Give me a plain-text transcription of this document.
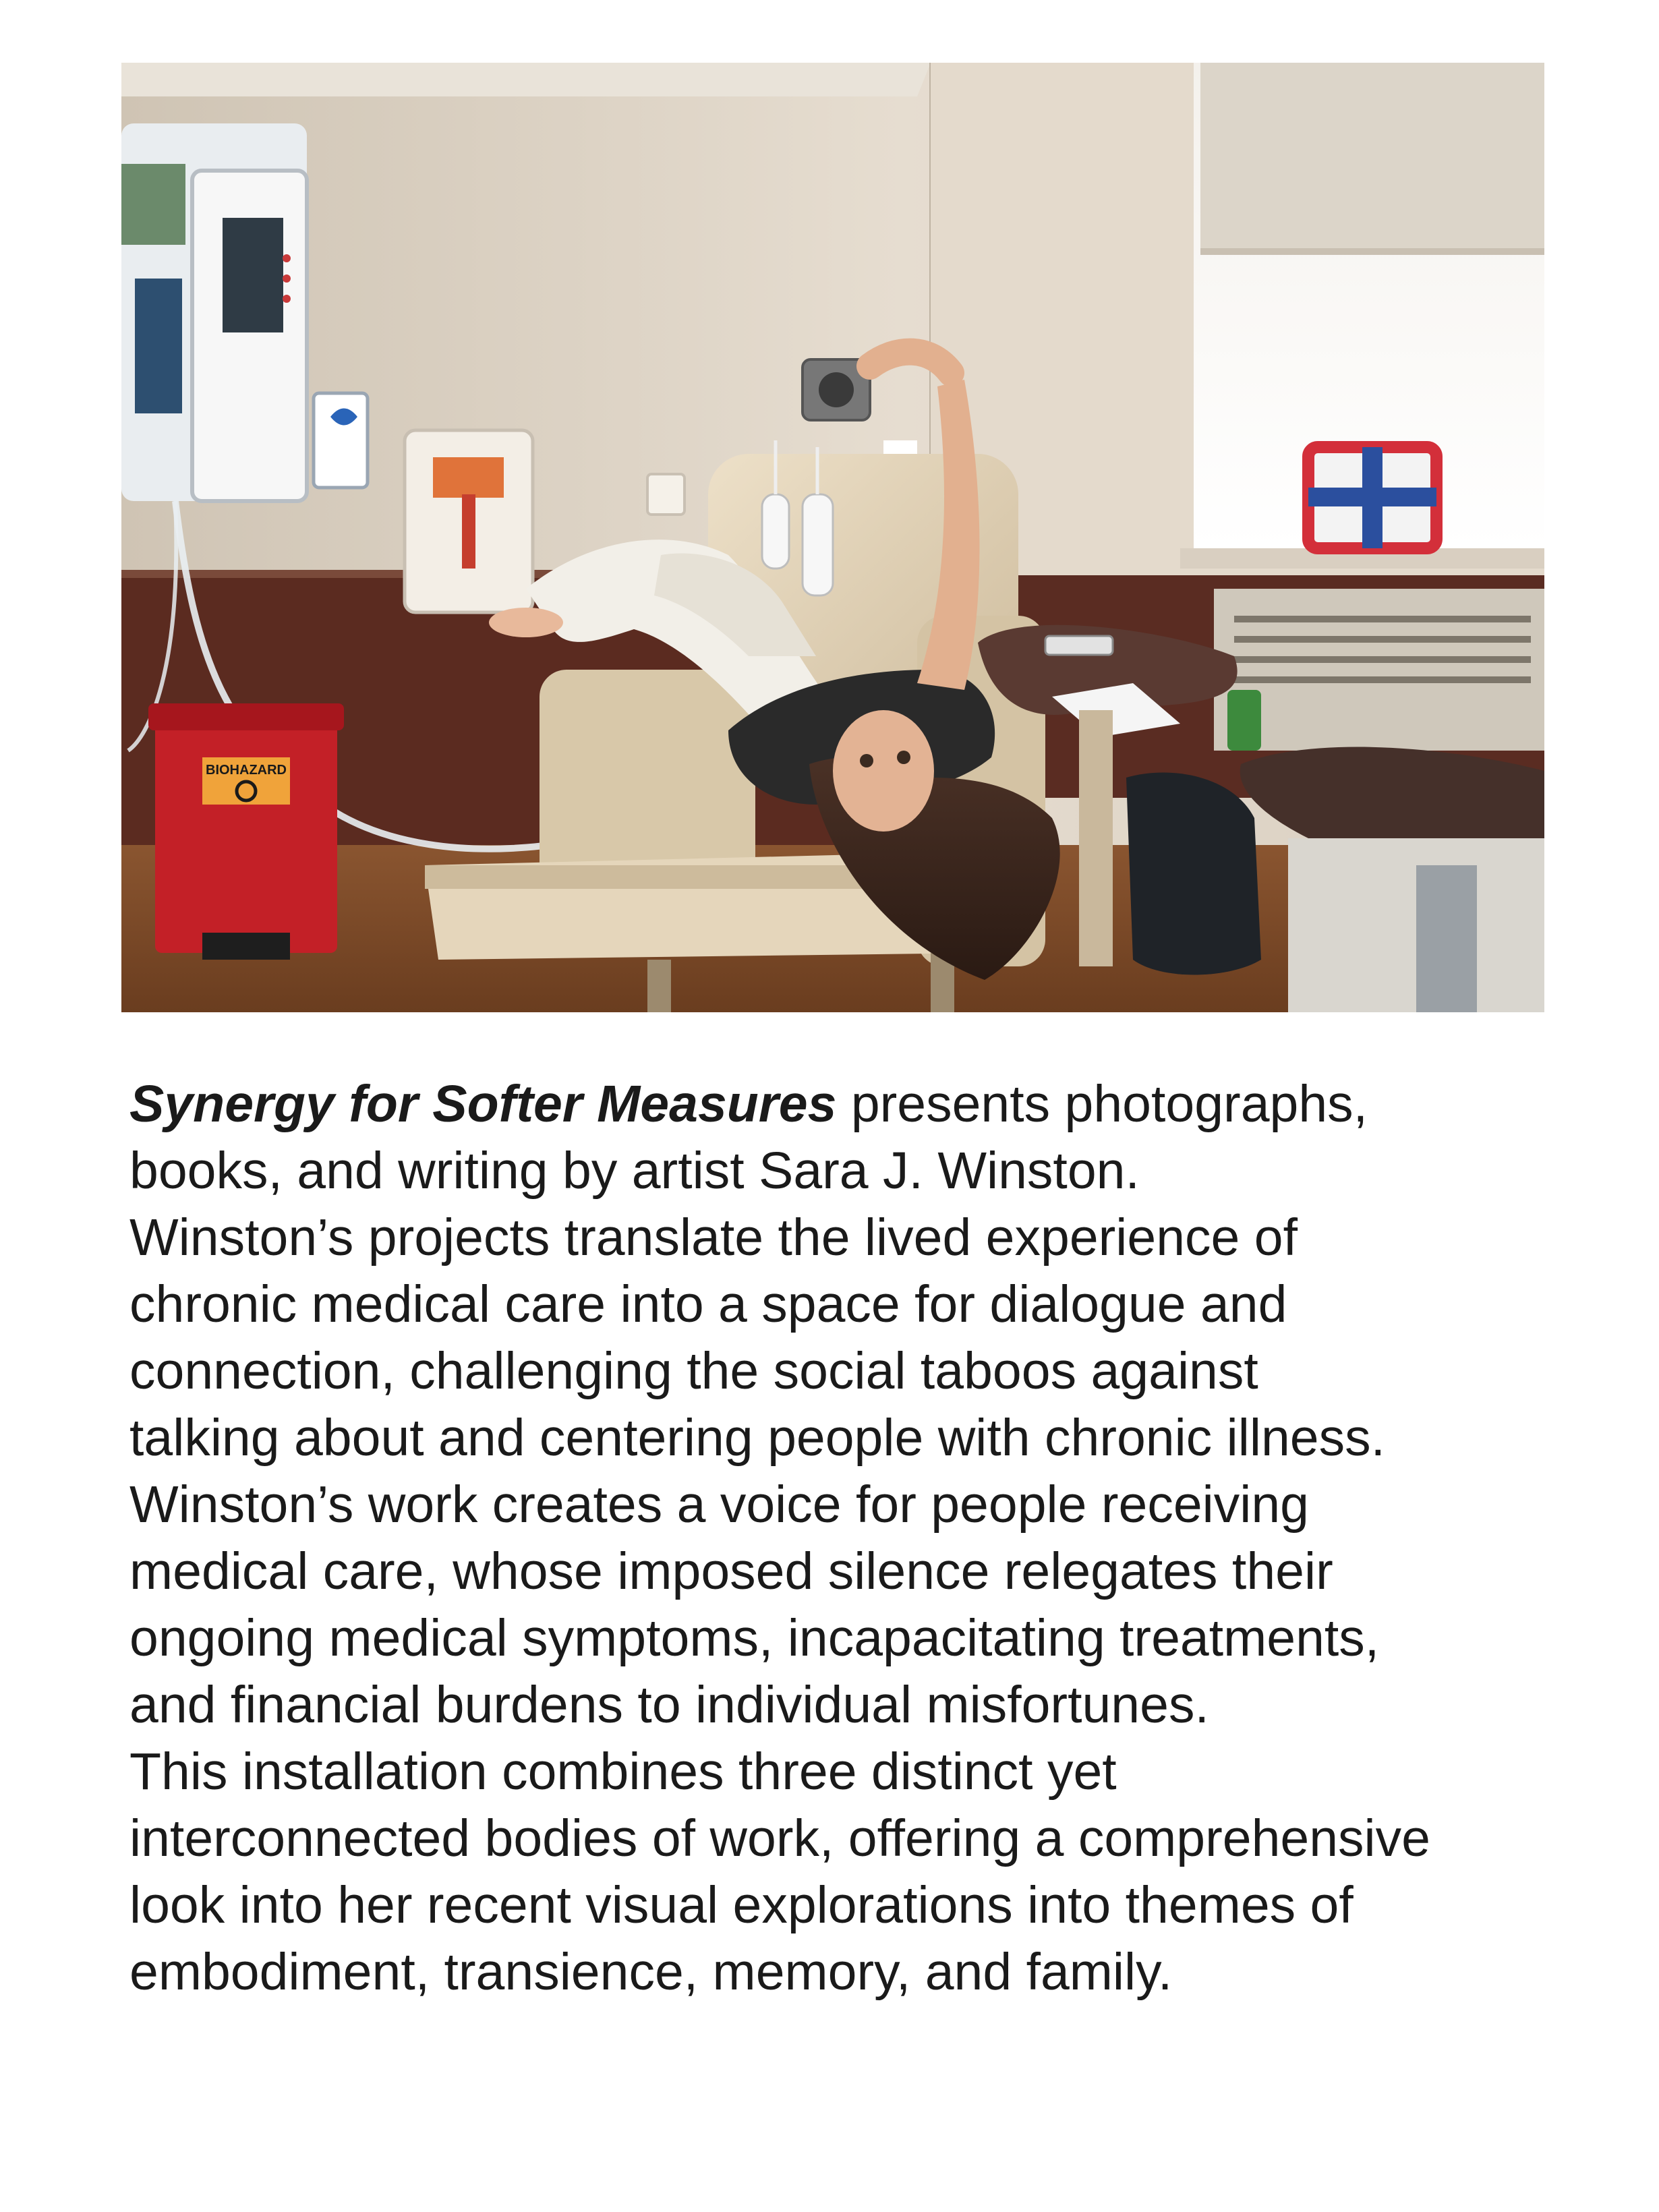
BIOHAZARD

Synergy for Softer Measures presents photographs,
books, and writing by artist Sara J. Winston.
Winston’s projects translate the lived experience of
chronic medical care into a space for dialogue and
connection, challenging the social taboos against
talking about and centering people with chronic illness.
Winston’s work creates a voice for people receiving
medical care, whose imposed silence relegates their
ongoing medical symptoms, incapacitating treatments,
and financial burdens to individual misfortunes.

This installation combines three distinct yet
interconnected bodies of work, offering a comprehensive
look into her recent visual explorations into themes of
embodiment, transience, memory, and family.
